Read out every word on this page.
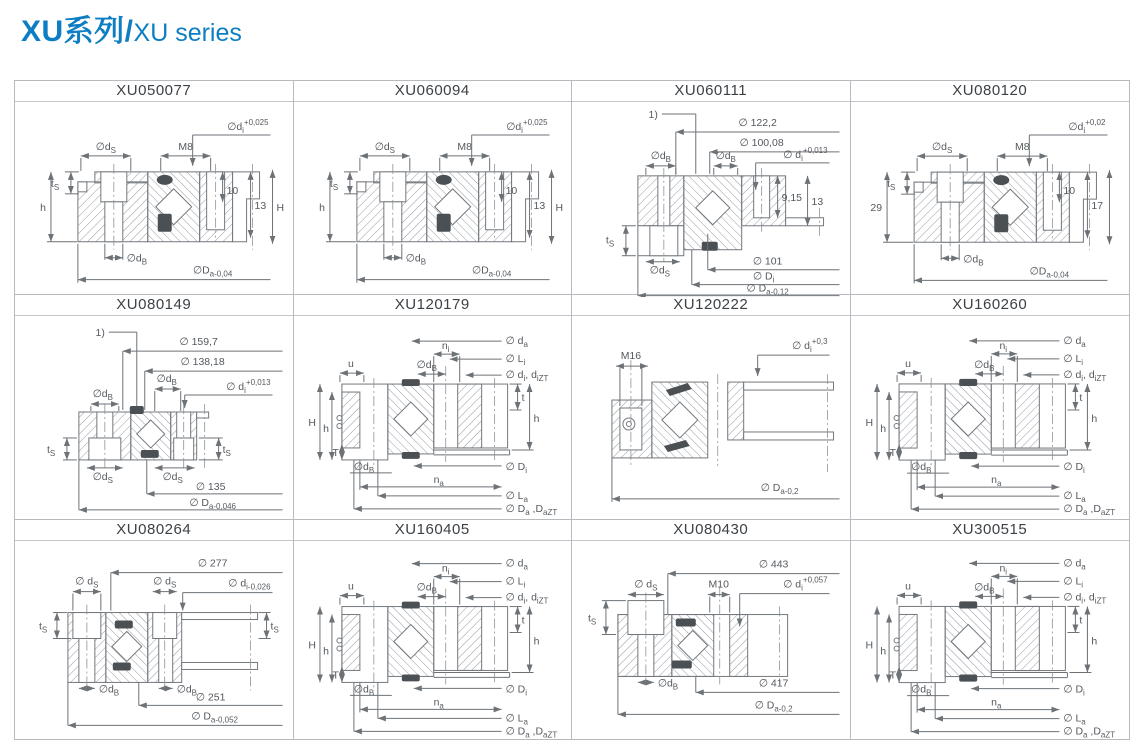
XU系列/XU series
XU050077
$\emptyset d_S$	M8
$\emptyset d_i^{+0,025}$
$t_S$
h
10
13 H
$\emptyset d_B$
$\emptyset D_{a-0,04}$
XU060094
$\emptyset d_S$	M8
$\emptyset d_i^{+0,025}$
$t_S$
h
10
13 H
$\emptyset d_B$
$\emptyset D_{a-0,04}$
XU060111
1)
∅ 122,2
∅ 100,08
$\emptyset d_B$	$\emptyset d_B$	∅ $d_i^{+0,013}$
9,15 13
$t_S$
$\emptyset d_S$
∅ 101
∅ $D_i$
∅ $D_{a-0,12}$
XU080120
$\emptyset d_S$	M8
$\emptyset d_i^{+0,02}$
$t_S$
29
10
17
$\emptyset d_B$
$\emptyset D_{a-0,04}$
XU080149
1)
∅ 159,7
∅ 138,18
$\emptyset d_B$	∅ $d_i^{+0,013}$
$\emptyset d_B$
$t_S$	$t_S$
$\emptyset d_S$	$\emptyset d_S$
∅ 135
∅ $D_{a-0,046}$
XU120179
∅ $d_a$
$n_i$
∅ $L_i$
$\emptyset d_B$
∅ $d_i$, $d_{iZT}$
u
H
h
T
t
h
$\emptyset d_B$	∅ $D_i$
$n_a$
∅ $L_a$
∅ $D_a$ $,D_{aZT}$
XU120222
M16
∅ $d_i^{+0,3}$
∅ $D_{a-0,2}$
XU160260
∅ $d_a$
$n_i$
∅ $L_i$
$\emptyset d_B$
∅ $d_i$, $d_{iZT}$
u
H
h
T
t
h
$\emptyset d_B$	∅ $D_i$
$n_a$
∅ $L_a$
∅ $D_a$ $,D_{aZT}$
XU080264
∅ 277
∅ $d_S$	∅ $d_S$	∅ $d_{i-0,026}$
$t_S$	$t_S$
$\emptyset d_B$	$\emptyset d_B$
∅ 251
∅ $D_{a-0,052}$
XU160405
∅ $d_a$
$n_i$
∅ $L_i$
$\emptyset d_B$
∅ $d_i$, $d_{iZT}$
u
H
h
T
t
h
$\emptyset d_B$	∅ $D_i$
$n_a$
∅ $L_a$
∅ $D_a$ $,D_{aZT}$
XU080430
∅ 443
∅ $d_S$	M10	∅ $d_i^{+0,057}$
$t_S$
$\emptyset d_B$	∅ 417
∅ $D_{a-0,2}$
XU300515
∅ $d_a$
$n_i$
∅ $L_i$
$\emptyset d_B$
∅ $d_i$, $d_{iZT}$
u
H
h
T
t
h
$\emptyset d_B$	∅ $D_i$
$n_a$
∅ $L_a$
∅ $D_a$ $,D_{aZT}$
